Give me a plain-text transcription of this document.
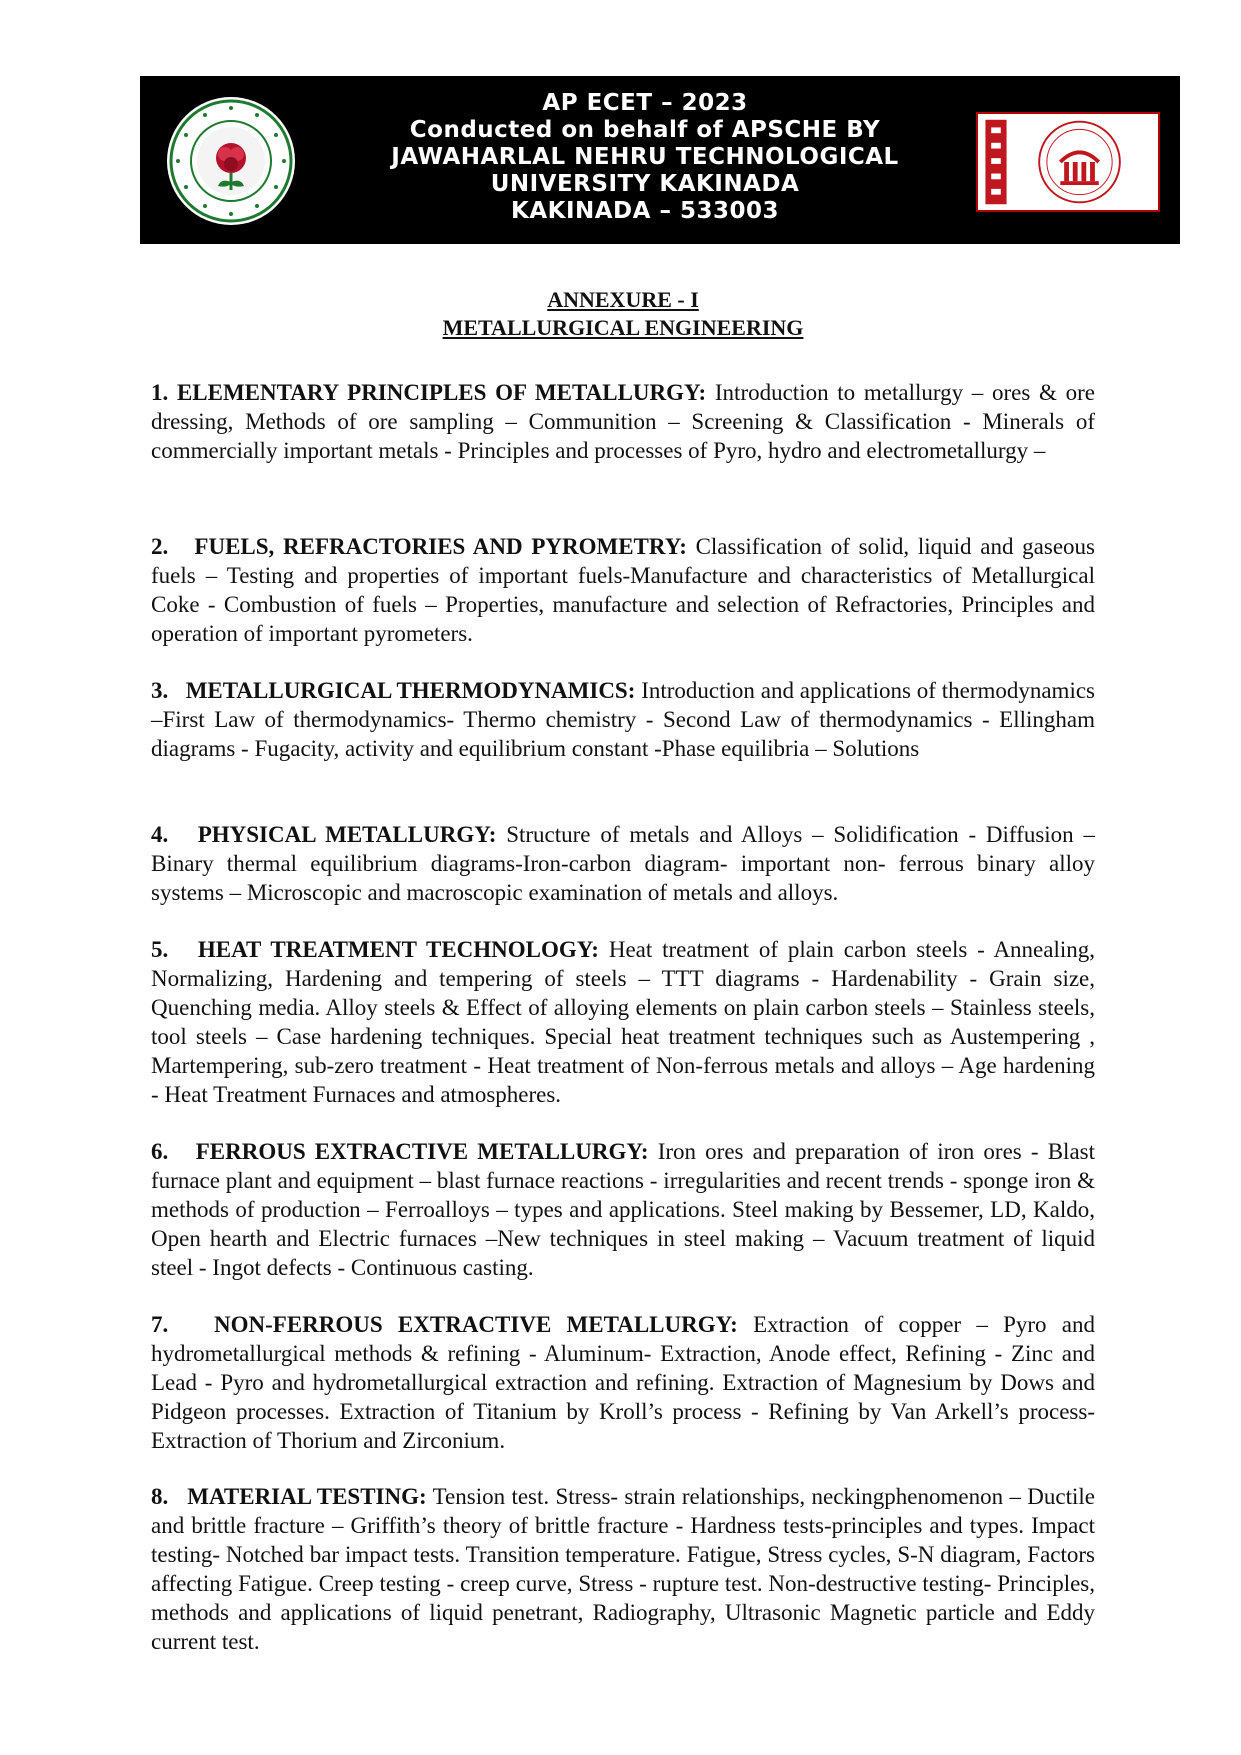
AP ECET – 2023
Conducted on behalf of APSCHE BY
JAWAHARLAL NEHRU TECHNOLOGICAL
UNIVERSITY KAKINADA
KAKINADA – 533003
ANNEXURE - I
METALLURGICAL ENGINEERING
1. ELEMENTARY PRINCIPLES OF METALLURGY: Introduction to metallurgy – ores & ore dressing, Methods of ore sampling – Communition – Screening & Classification - Minerals of commercially important metals - Principles and processes of Pyro, hydro and electrometallurgy –
2.   FUELS, REFRACTORIES AND PYROMETRY: Classification of solid, liquid and gaseous fuels – Testing and properties of important fuels-Manufacture and characteristics of Metallurgical Coke - Combustion of fuels – Properties, manufacture and selection of Refractories, Principles and operation of important pyrometers.
3.   METALLURGICAL THERMODYNAMICS: Introduction and applications of thermodynamics –First Law of thermodynamics- Thermo chemistry - Second Law of thermodynamics - Ellingham diagrams - Fugacity, activity and equilibrium constant -Phase equilibria – Solutions
4.   PHYSICAL METALLURGY: Structure of metals and Alloys – Solidification - Diffusion – Binary thermal equilibrium diagrams-Iron-carbon diagram- important non- ferrous binary alloy systems – Microscopic and macroscopic examination of metals and alloys.
5.   HEAT TREATMENT TECHNOLOGY: Heat treatment of plain carbon steels - Annealing, Normalizing, Hardening and tempering of steels – TTT diagrams - Hardenability - Grain size, Quenching media. Alloy steels & Effect of alloying elements on plain carbon steels – Stainless steels, tool steels – Case hardening techniques. Special heat treatment techniques such as Austempering , Martempering, sub-zero treatment - Heat treatment of Non-ferrous metals and alloys – Age hardening - Heat Treatment Furnaces and atmospheres.
6.   FERROUS EXTRACTIVE METALLURGY: Iron ores and preparation of iron ores - Blast furnace plant and equipment – blast furnace reactions - irregularities and recent trends - sponge iron & methods of production – Ferroalloys – types and applications. Steel making by Bessemer, LD, Kaldo, Open hearth and Electric furnaces –New techniques in steel making – Vacuum treatment of liquid steel - Ingot defects - Continuous casting.
7.   NON-FERROUS EXTRACTIVE METALLURGY: Extraction of copper – Pyro and hydrometallurgical methods & refining - Aluminum- Extraction, Anode effect, Refining - Zinc and Lead - Pyro and hydrometallurgical extraction and refining. Extraction of Magnesium by Dows and Pidgeon processes. Extraction of Titanium by Kroll’s process - Refining by Van Arkell’s process-Extraction of Thorium and Zirconium.
8.   MATERIAL TESTING: Tension test. Stress- strain relationships, neckingphenomenon – Ductile and brittle fracture – Griffith’s theory of brittle fracture - Hardness tests-principles and types. Impact testing- Notched bar impact tests. Transition temperature. Fatigue, Stress cycles, S-N diagram, Factors affecting Fatigue. Creep testing - creep curve, Stress - rupture test. Non-destructive testing- Principles, methods and applications of liquid penetrant, Radiography, Ultrasonic Magnetic particle and Eddy current test.
